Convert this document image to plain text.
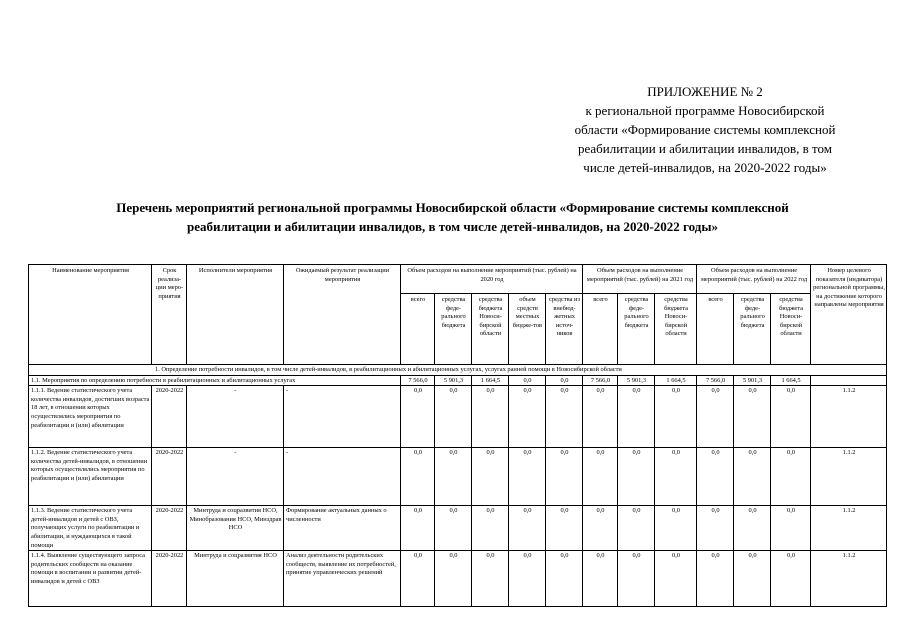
ПРИЛОЖЕНИЕ № 2
к региональной программе Новосибирской
области «Формирование системы комплексной
реабилитации и абилитации инвалидов, в том
числе детей-инвалидов, на 2020-2022 годы»
Перечень мероприятий региональной программы Новосибирской области «Формирование системы комплексной
реабилитации и абилитации инвалидов, в том числе детей-инвалидов, на 2020-2022 годы»
Наименование мероприятия	Срок реализа-ции меро-приятия	Исполнители мероприятия	Ожидаемый результат реализации мероприятия	Объем расходов на выполнение мероприятий (тыс. рублей) на 2020 год					Объем расходов на выполнение мероприятий (тыс. рублей) на 2021 год			Объем расходов на выполнение мероприятий (тыс. рублей) на 2022 год			Номер целевого показателя (индикатора) региональной программы, на достижение которого направлены мероприятия
				всего	средства феде-рального бюджета	средства бюджета Новоси-бирской области	объем средств местных бюдже-тов	средства из внебюд-жетных источ-ников	всего	средства феде-рального бюджета	средства бюджета Новоси-бирской области	всего	средства феде-рального бюджета	средства бюджета Новоси-бирской области	
1. Определение потребности инвалидов, в том числе детей-инвалидов, в реабилитационных и абилитационных услугах, услугах ранней помощи в Новосибирской области															
1.1. Мероприятия по определению потребности в реабилитационных и абилитационных услугах				7 566,0	5 901,3	1 664,5	0,0	0,0	7 566,0	5 901,3	1 664,5	7 566,0	5 901,3	1 664,5	
1.1.1. Ведение статистического учета количества инвалидов, достигших возраста 18 лет, в отношении которых осуществлялись мероприятия по реабилитации и (или) абилитации	2020-2022	-	-	0,0	0,0	0,0	0,0	0,0	0,0	0,0	0,0	0,0	0,0	0,0	1.1.2
1.1.2. Ведение статистического учета количества детей-инвалидов, в отношении которых осуществлялись мероприятия по реабилитации и (или) абилитации	2020-2022	-	-	0,0	0,0	0,0	0,0	0,0	0,0	0,0	0,0	0,0	0,0	0,0	1.1.2
1.1.3. Ведение статистического учета детей-инвалидов и детей с ОВЗ, получающих услуги по реабилитации и абилитации, и нуждающихся в такой помощи	2020-2022	Минтруда и соцразвития НСО, Минобразования НСО, Минздрав НСО	Формирование актуальных данных о численности	0,0	0,0	0,0	0,0	0,0	0,0	0,0	0,0	0,0	0,0	0,0	1.1.2
1.1.4. Выявление существующего запроса родительских сообществ на оказание помощи в воспитании и развитии детей-инвалидов и детей с ОВЗ	2020-2022	Минтруда и соцразвития НСО	Анализ деятельности родительских сообществ, выявление их потребностей, принятие управленческих решений	0,0	0,0	0,0	0,0	0,0	0,0	0,0	0,0	0,0	0,0	0,0	1.1.2
